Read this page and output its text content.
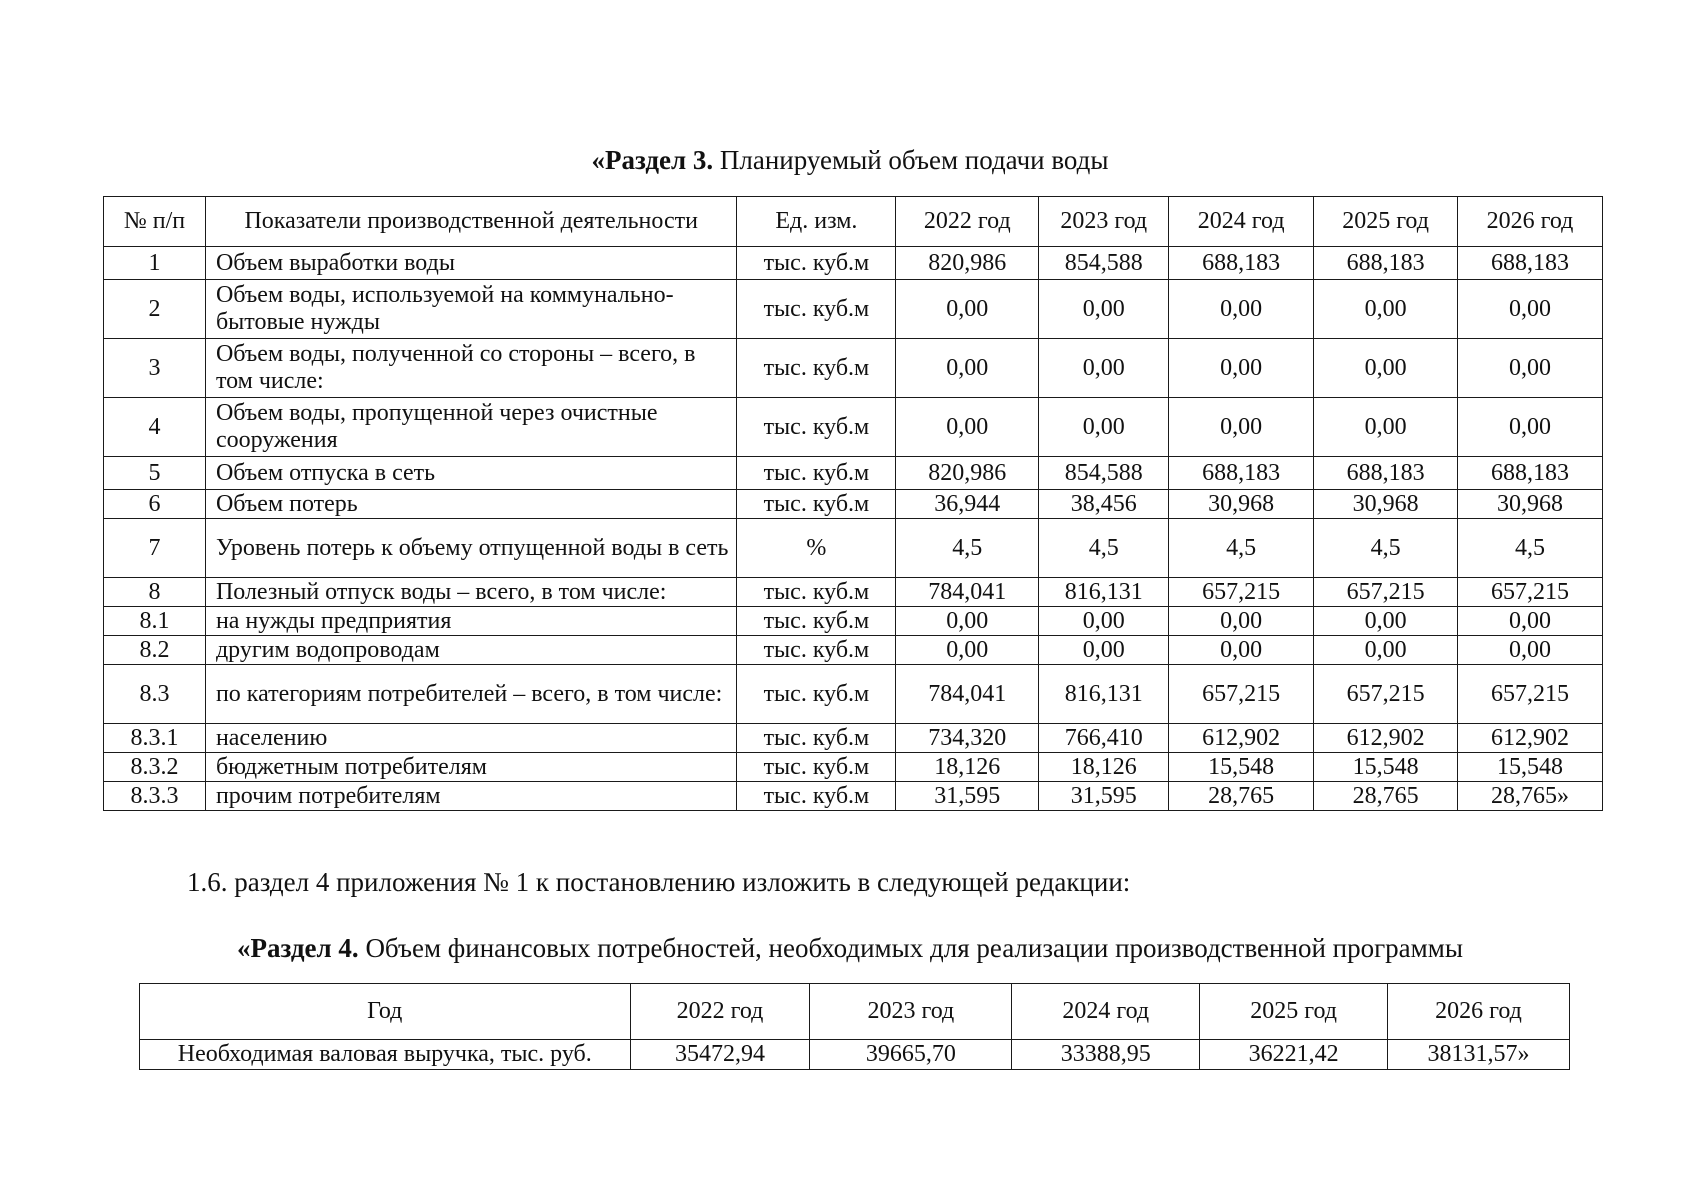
«Раздел 3. Планируемый объем подачи воды
№ п/п	Показатели производственной деятельности	Ед. изм.	2022 год	2023 год	2024 год	2025 год	2026 год
1	Объем выработки воды	тыс. куб.м	820,986	854,588	688,183	688,183	688,183
2	Объем воды, используемой на коммунально-бытовые нужды	тыс. куб.м	0,00	0,00	0,00	0,00	0,00
3	Объем воды, полученной со стороны – всего, в том числе:	тыс. куб.м	0,00	0,00	0,00	0,00	0,00
4	Объем воды, пропущенной через очистные сооружения	тыс. куб.м	0,00	0,00	0,00	0,00	0,00
5	Объем отпуска в сеть	тыс. куб.м	820,986	854,588	688,183	688,183	688,183
6	Объем потерь	тыс. куб.м	36,944	38,456	30,968	30,968	30,968
7	Уровень потерь к объему отпущенной воды в сеть	%	4,5	4,5	4,5	4,5	4,5
8	Полезный отпуск воды – всего, в том числе:	тыс. куб.м	784,041	816,131	657,215	657,215	657,215
8.1	на нужды предприятия	тыс. куб.м	0,00	0,00	0,00	0,00	0,00
8.2	другим водопроводам	тыс. куб.м	0,00	0,00	0,00	0,00	0,00
8.3	по категориям потребителей – всего, в том числе:	тыс. куб.м	784,041	816,131	657,215	657,215	657,215
8.3.1	населению	тыс. куб.м	734,320	766,410	612,902	612,902	612,902
8.3.2	бюджетным потребителям	тыс. куб.м	18,126	18,126	15,548	15,548	15,548
8.3.3	прочим потребителям	тыс. куб.м	31,595	31,595	28,765	28,765	28,765»
1.6. раздел 4 приложения № 1 к постановлению изложить в следующей редакции:
«Раздел 4. Объем финансовых потребностей, необходимых для реализации производственной программы
Год	2022 год	2023 год	2024 год	2025 год	2026 год
Необходимая валовая выручка, тыс. руб.	35472,94	39665,70	33388,95	36221,42	38131,57»
